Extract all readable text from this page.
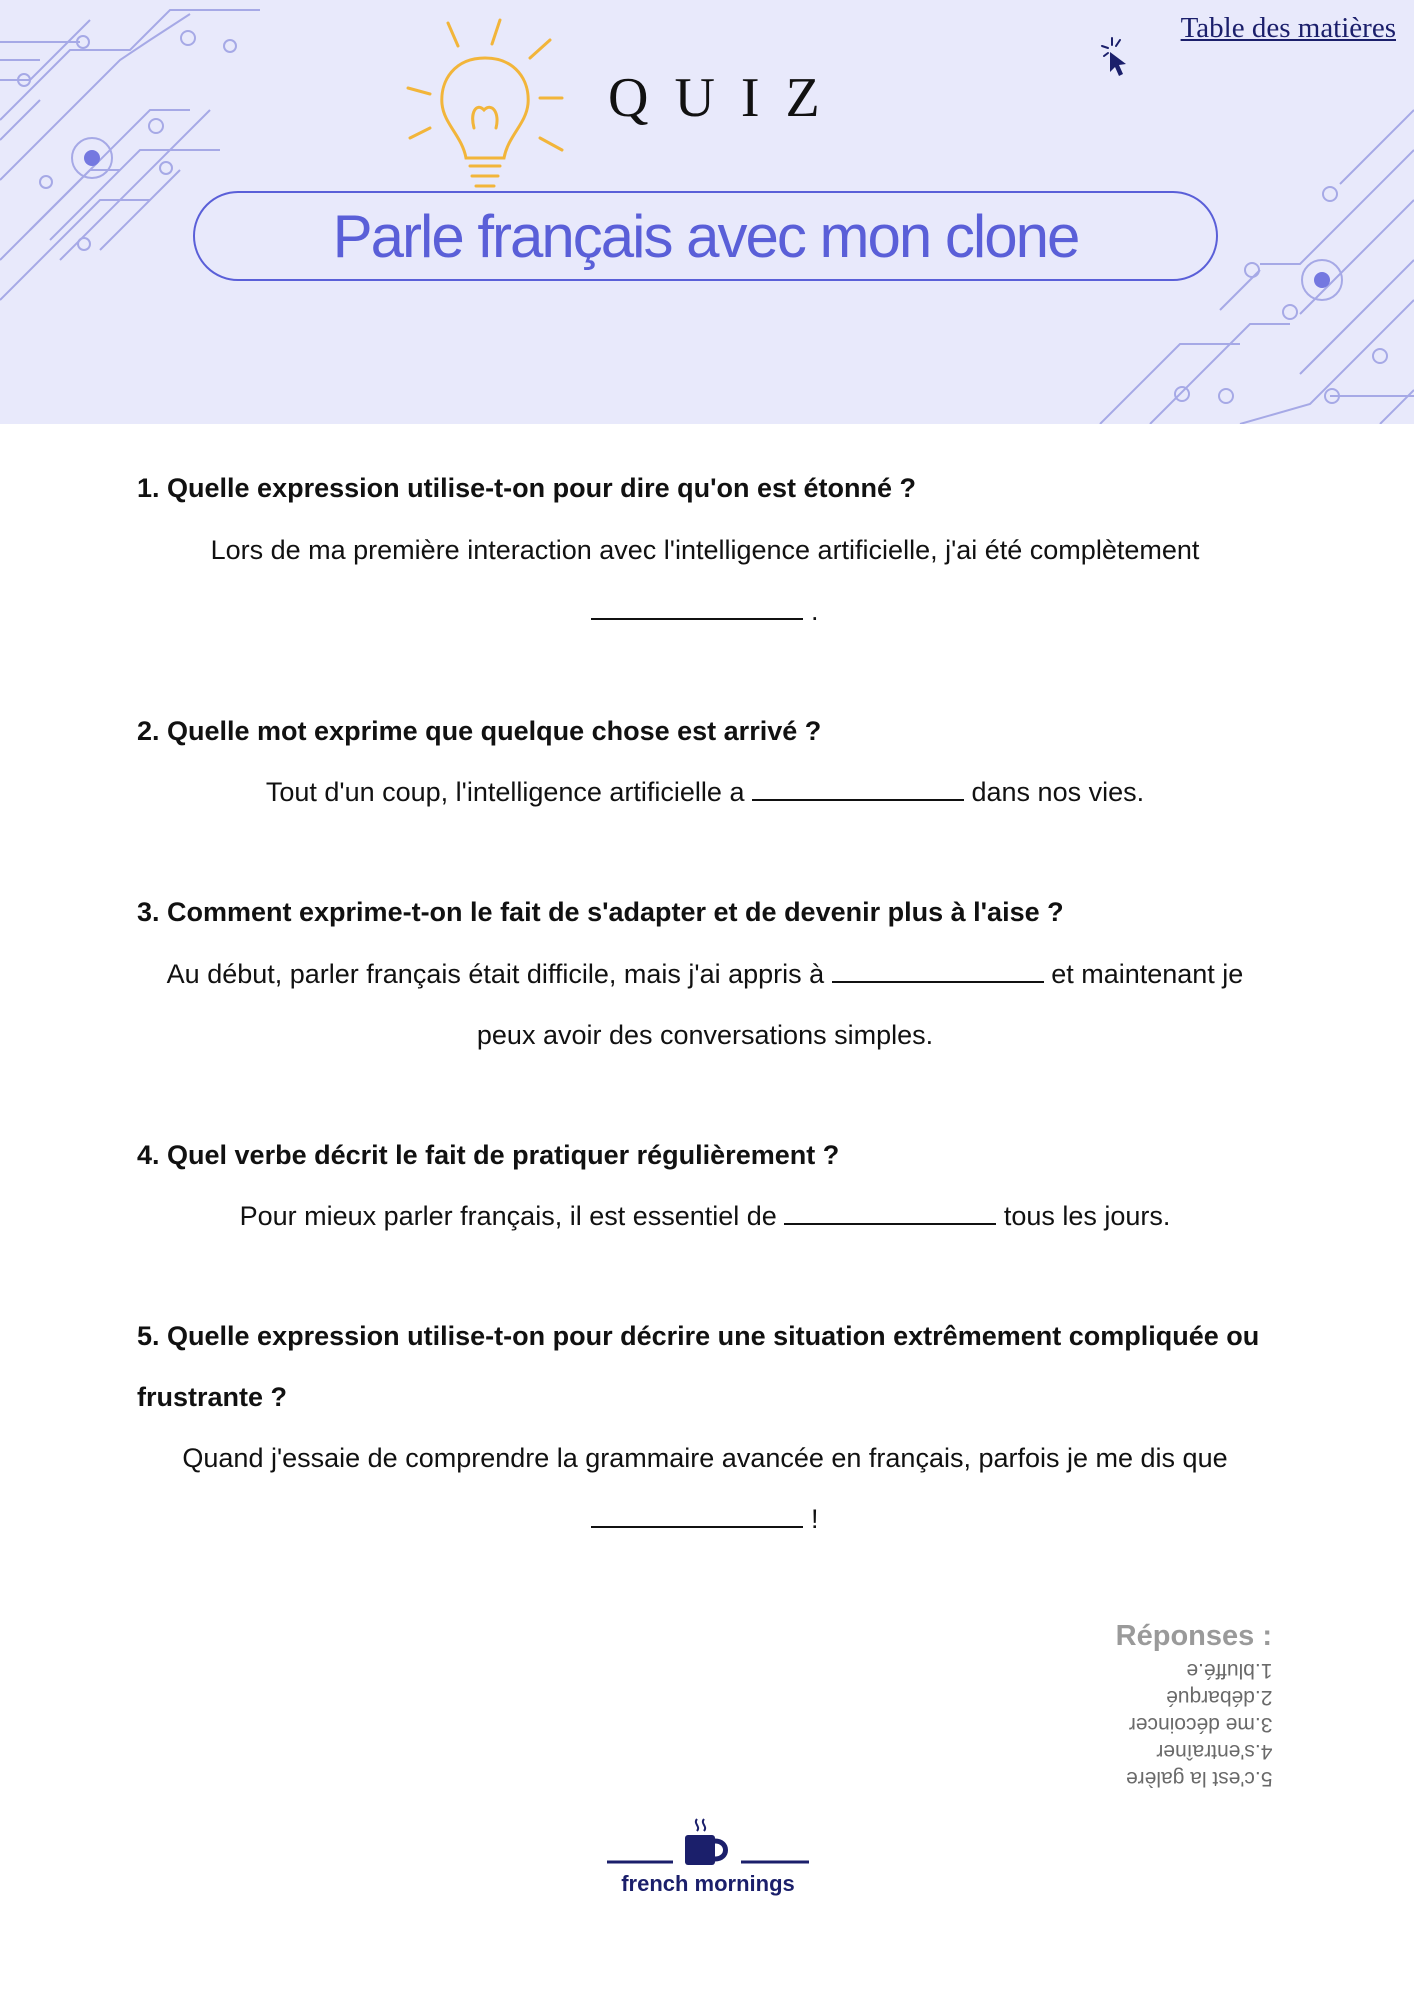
QUIZ
Table des matières
Parle français avec mon clone
1. Quelle expression utilise-t-on pour dire qu'on est étonné ?
Lors de ma première interaction avec l'intelligence artificielle, j'ai été complètement
.
2. Quelle mot exprime que quelque chose est arrivé ?
Tout d'un coup, l'intelligence artificielle a	dans nos vies.
3. Comment exprime-t-on le fait de s'adapter et de devenir plus à l'aise ?
Au début, parler français était difficile, mais j'ai appris à	et maintenant je peux avoir des conversations simples.
4. Quel verbe décrit le fait de pratiquer régulièrement ?
Pour mieux parler français, il est essentiel de	tous les jours.
5. Quelle expression utilise-t-on pour décrire une situation extrêmement compliquée ou frustrante ?
Quand j'essaie de comprendre la grammaire avancée en français, parfois je me dis que
!
Réponses :
5.c'est la galère
4.s'entraîner
3.me décoincer
2.débarqué
1.bluffé.e
french mornings
